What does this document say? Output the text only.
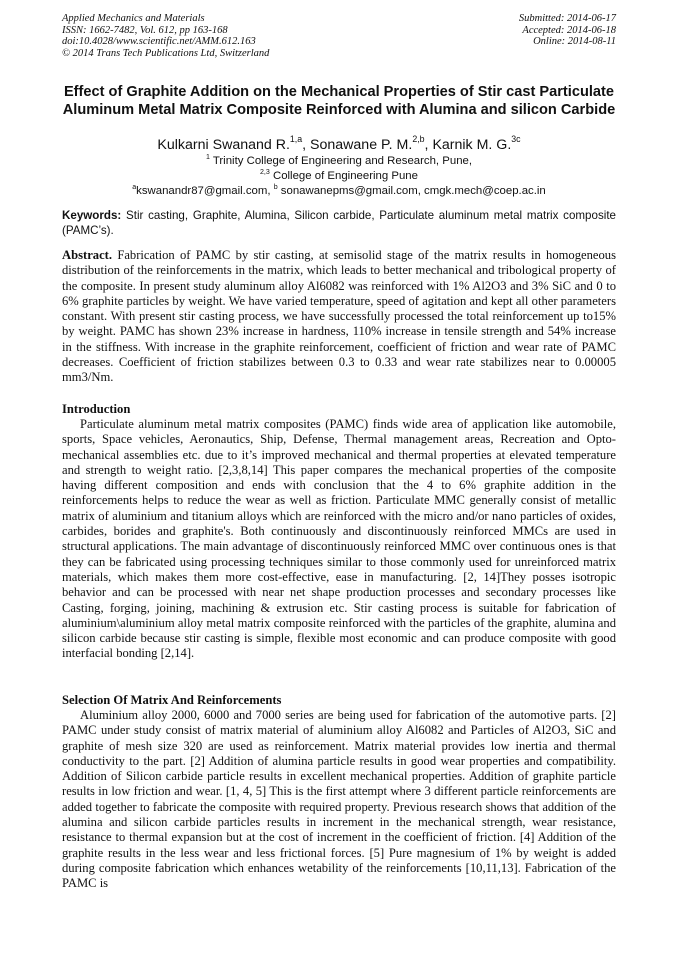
Applied Mechanics and Materials
ISSN: 1662-7482, Vol. 612, pp 163-168
doi:10.4028/www.scientific.net/AMM.612.163
© 2014 Trans Tech Publications Ltd, Switzerland
Submitted: 2014-06-17
Accepted: 2014-06-18
Online: 2014-08-11
Effect of Graphite Addition on the Mechanical Properties of Stir cast Particulate Aluminum Metal Matrix Composite Reinforced with Alumina and silicon Carbide
Kulkarni Swanand R.$^{1,a}$, Sonawane P. M.$^{2,b}$, Karnik M. G.$^{3c}$
$^1$ Trinity College of Engineering and Research, Pune,
$^{2,3}$ College of Engineering Pune
$^a$kswanandr87@gmail.com, $^b$ sonawanepms@gmail.com, cmgk.mech@coep.ac.in
Keywords: Stir casting, Graphite, Alumina, Silicon carbide, Particulate aluminum metal matrix composite (PAMC’s).
Abstract. Fabrication of PAMC by stir casting, at semisolid stage of the matrix results in homogeneous distribution of the reinforcements in the matrix, which leads to better mechanical and tribological property of the composite. In present study aluminum alloy Al6082 was reinforced with 1% Al2O3 and 3% SiC and 0 to 6% graphite particles by weight. We have varied temperature, speed of agitation and kept all other parameters constant. With present stir casting process, we have successfully processed the total reinforcement up to15% by weight. PAMC has shown 23% increase in hardness, 110% increase in tensile strength and 54% increase in the stiffness. With increase in the graphite reinforcement, coefficient of friction and wear rate of PAMC decreases. Coefficient of friction stabilizes between 0.3 to 0.33 and wear rate stabilizes near to 0.00005 mm3/Nm.
Introduction
Particulate aluminum metal matrix composites (PAMC) finds wide area of application like automobile, sports, Space vehicles, Aeronautics, Ship, Defense, Thermal management areas, Recreation and Opto-mechanical assemblies etc. due to it’s improved mechanical and thermal properties at elevated temperature and strength to weight ratio. [2,3,8,14] This paper compares the mechanical properties of the composite having different composition and ends with conclusion that the 4 to 6% graphite addition in the reinforcements helps to reduce the wear as well as friction. Particulate MMC generally consist of metallic matrix of aluminium and titanium alloys which are reinforced with the micro and/or nano particles of oxides, carbides, borides and graphite's. Both continuously and discontinuously reinforced MMCs are used in structural applications. The main advantage of discontinuously reinforced MMC over continuous ones is that they can be fabricated using processing techniques similar to those commonly used for unreinforced matrix materials, which makes them more cost-effective, ease in manufacturing. [2, 14]They posses isotropic behavior and can be processed with near net shape production processes and secondary processes like Casting, forging, joining, machining & extrusion etc. Stir casting process is suitable for fabrication of aluminium\aluminium alloy metal matrix composite reinforced with the particles of the graphite, alumina and silicon carbide because stir casting is simple, flexible most economic and can produce composite with good interfacial bonding [2,14].
Selection Of Matrix And Reinforcements
Aluminium alloy 2000, 6000 and 7000 series are being used for fabrication of the automotive parts. [2] PAMC under study consist of matrix material of aluminium alloy Al6082 and Particles of Al2O3, SiC and graphite of mesh size 320 are used as reinforcement. Matrix material provides low inertia and thermal conductivity to the part. [2] Addition of alumina particle results in good wear properties and compatibility. Addition of Silicon carbide particle results in excellent mechanical properties. Addition of graphite particle results in low friction and wear. [1, 4, 5] This is the first attempt where 3 different particle reinforcements are added together to fabricate the composite with required property. Previous research shows that addition of the alumina and silicon carbide particles results in increment in the mechanical strength, wear resistance, resistance to thermal expansion but at the cost of increment in the coefficient of friction. [4] Addition of the graphite results in the less wear and less frictional forces. [5] Pure magnesium of 1% by weight is added during composite fabrication which enhances wetability of the reinforcements [10,11,13]. Fabrication of the PAMC is
